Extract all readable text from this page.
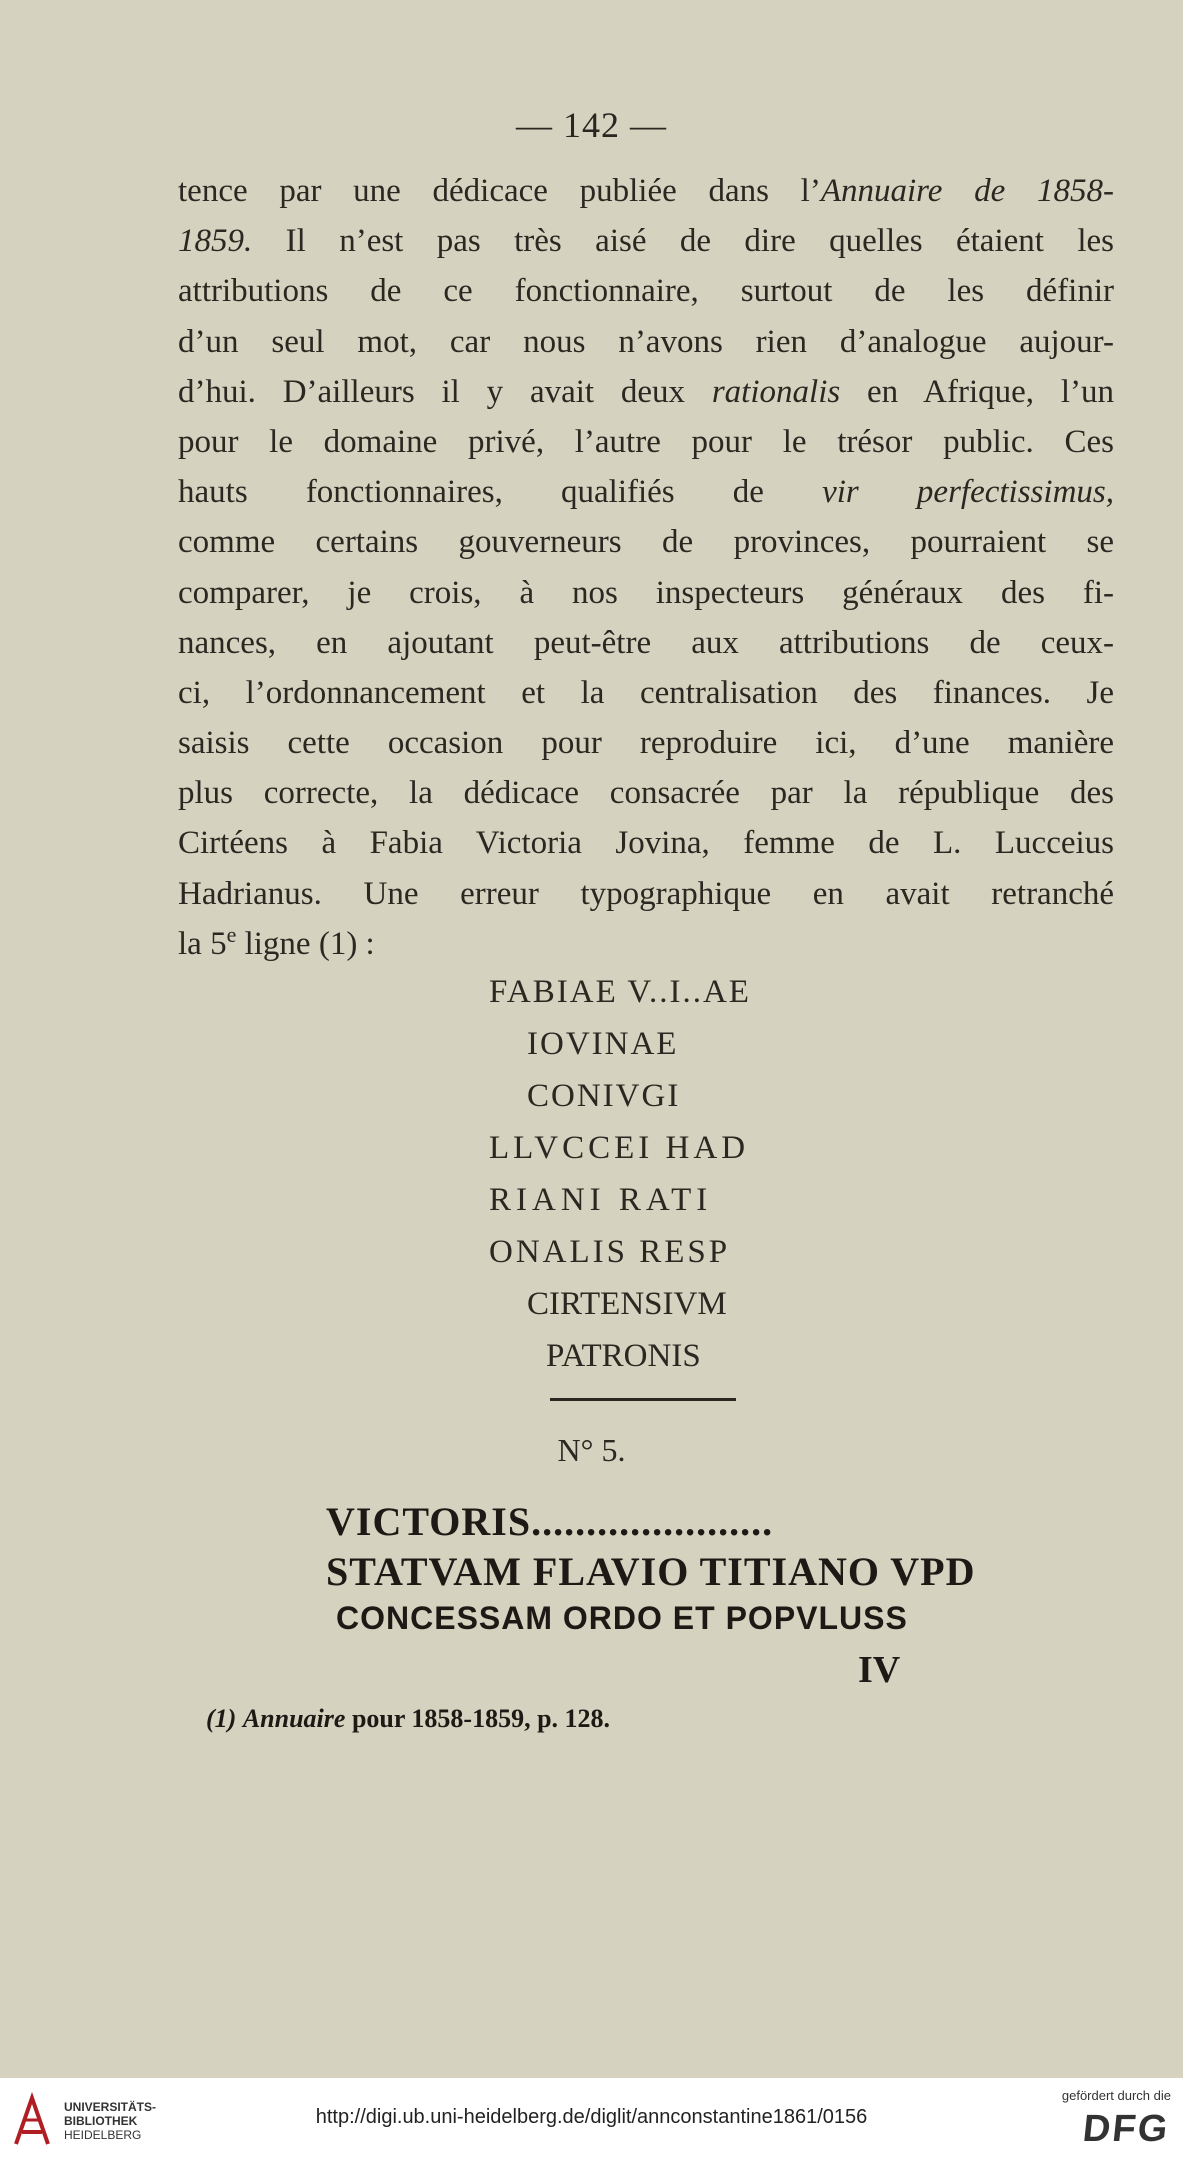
— 142 —
tence par une dédicace publiée dans l’Annuaire de 1858-
1859. Il n’est pas très aisé de dire quelles étaient les
attributions de ce fonctionnaire, surtout de les définir
d’un seul mot, car nous n’avons rien d’analogue aujour-
d’hui. D’ailleurs il y avait deux rationalis en Afrique, l’un
pour le domaine privé, l’autre pour le trésor public. Ces
hauts fonctionnaires, qualifiés de vir perfectissimus,
comme certains gouverneurs de provinces, pourraient se
comparer, je crois, à nos inspecteurs généraux des fi-
nances, en ajoutant peut-être aux attributions de ceux-
ci, l’ordonnancement et la centralisation des finances. Je
saisis cette occasion pour reproduire ici, d’une manière
plus correcte, la dédicace consacrée par la république des
Cirtéens à Fabia Victoria Jovina, femme de L. Lucceius
Hadrianus. Une erreur typographique en avait retranché
la 5e ligne (1) :
FABIAE V..I..AE
IOVINAE
CONIVGI
LLVCCEI HAD
RIANI RATI
ONALIS RESP
CIRTENSIVM
PATRONIS
N° 5.
VICTORIS......................
STATVAM FLAVIO TITIANO VPD
CONCESSAM ORDO ET POPVLUSS
IV
(1) Annuaire pour 1858-1859, p. 128.
UNIVERSITÄTS-
BIBLIOTHEK
HEIDELBERG
http://digi.ub.uni-heidelberg.de/diglit/annconstantine1861/0156
gefördert durch die
DFG
